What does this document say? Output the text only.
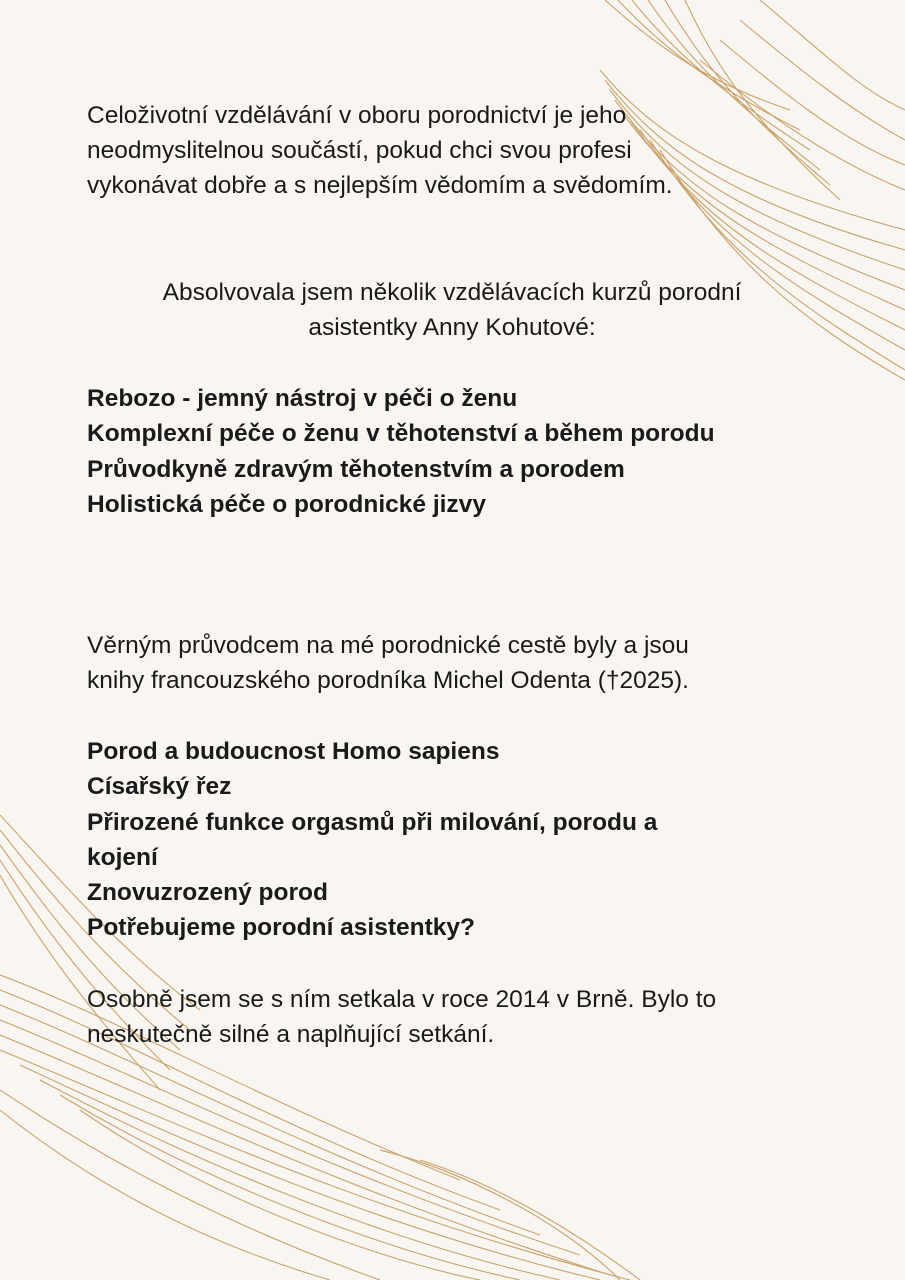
Celoživotní vzdělávání v oboru porodnictví je jeho
neodmyslitelnou součástí, pokud chci svou profesi
vykonávat dobře a s nejlepším vědomím a svědomím.

Absolvovala jsem několik vzdělávacích kurzů porodní
asistentky Anny Kohutové:

Rebozo - jemný nástroj v péči o ženu
Komplexní péče o ženu v těhotenství a během porodu
Průvodkyně zdravým těhotenstvím a porodem
Holistická péče o porodnické jizvy

Věrným průvodcem na mé porodnické cestě byly a jsou
knihy francouzského porodníka Michel Odenta (†2025).

Porod a budoucnost Homo sapiens
Císařský řez
Přirozené funkce orgasmů při milování, porodu a
kojení
Znovuzrozený porod
Potřebujeme porodní asistentky?

Osobně jsem se s ním setkala v roce 2014 v Brně. Bylo to
neskutečně silné a naplňující setkání.
